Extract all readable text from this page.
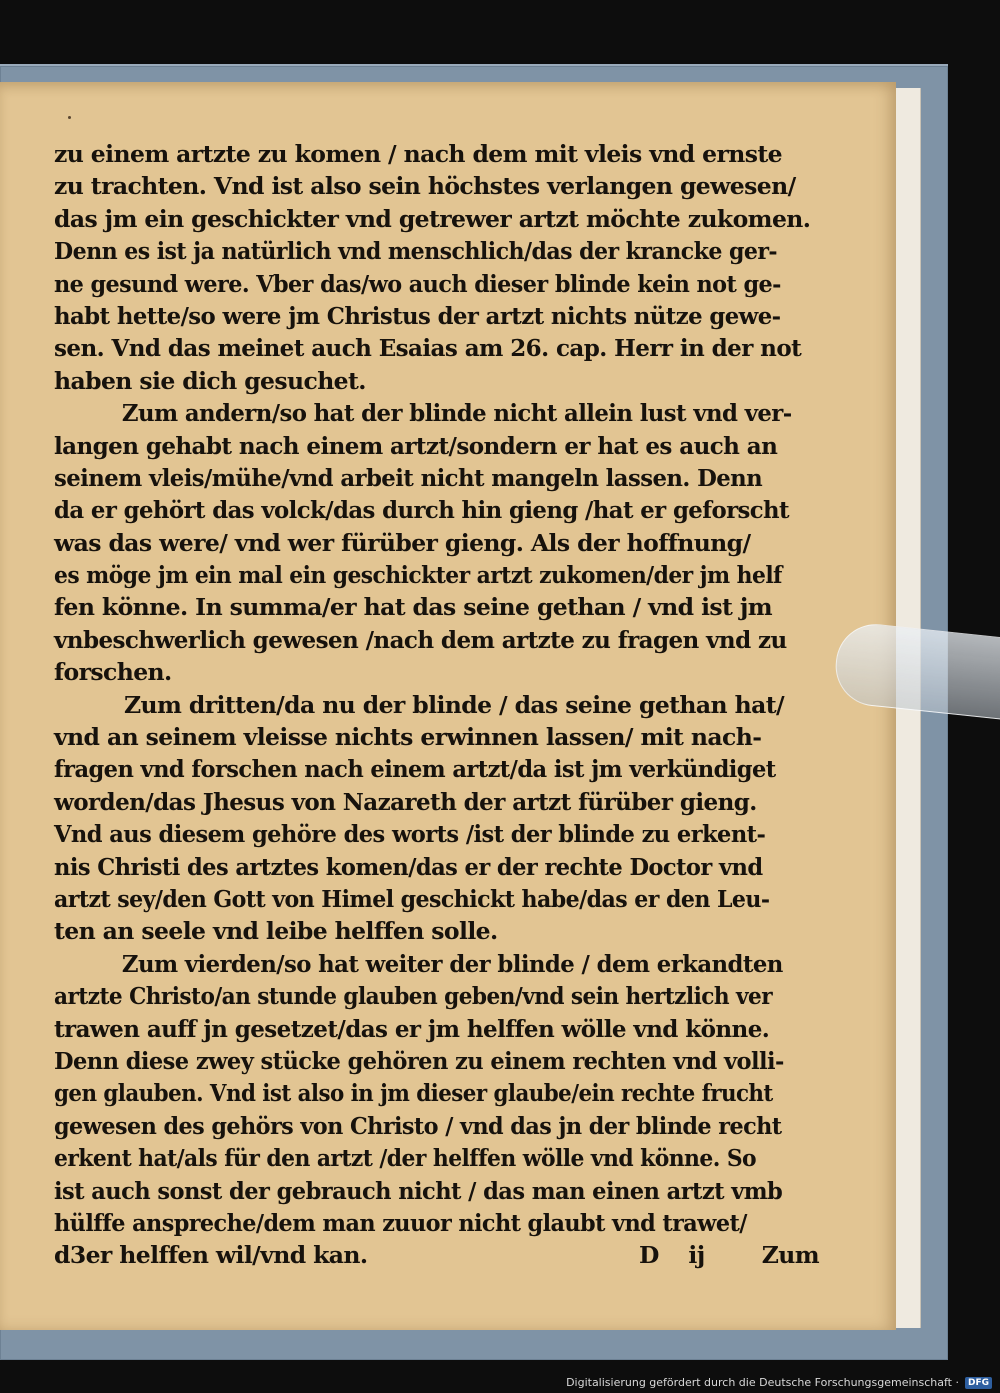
zu einem artzte zu komen / nach dem mit vleis vnd ernste
zu trachten. Vnd ist also sein höchstes verlangen gewesen/
das jm ein geschickter vnd getrewer artzt möchte zukomen.
Denn es ist ja natürlich vnd menschlich/das der krancke ger-
ne gesund were. Vber das/wo auch dieser blinde kein not ge-
habt hette/so were jm Christus der artzt nichts nütze gewe-
sen. Vnd das meinet auch Esaias am 26. cap. Herr in der not
haben sie dich gesuchet.
Zum andern/so hat der blinde nicht allein lust vnd ver-
langen gehabt nach einem artzt/sondern er hat es auch an
seinem vleis/mühe/vnd arbeit nicht mangeln lassen. Denn
da er gehört das volck/das durch hin gieng /hat er geforscht
was das were/ vnd wer fürüber gieng. Als der hoffnung/
es möge jm ein mal ein geschickter artzt zukomen/der jm helf
fen könne. In summa/er hat das seine gethan / vnd ist jm
vnbeschwerlich gewesen /nach dem artzte zu fragen vnd zu
forschen.
Zum dritten/da nu der blinde / das seine gethan hat/
vnd an seinem vleisse nichts erwinnen lassen/ mit nach-
fragen vnd forschen nach einem artzt/da ist jm verkündiget
worden/das Jhesus von Nazareth der artzt fürüber gieng.
Vnd aus diesem gehöre des worts /ist der blinde zu erkent-
nis Christi des artztes komen/das er der rechte Doctor vnd
artzt sey/den Gott von Himel geschickt habe/das er den Leu-
ten an seele vnd leibe helffen solle.
Zum vierden/so hat weiter der blinde / dem erkandten
artzte Christo/an stunde glauben geben/vnd sein hertzlich ver
trawen auff jn gesetzet/das er jm helffen wölle vnd könne.
Denn diese zwey stücke gehören zu einem rechten vnd volli-
gen glauben. Vnd ist also in jm dieser glaube/ein rechte frucht
gewesen des gehörs von Christo / vnd das jn der blinde recht
erkent hat/als für den artzt /der helffen wölle vnd könne. So
ist auch sonst der gebrauch nicht / das man einen artzt vmb
hülffe anspreche/dem man zuuor nicht glaubt vnd trawet/
d3er helffen wil/vnd kan.	D ij Zum
Digitalisierung gefördert durch die Deutsche Forschungsgemeinschaft ·	DFG
